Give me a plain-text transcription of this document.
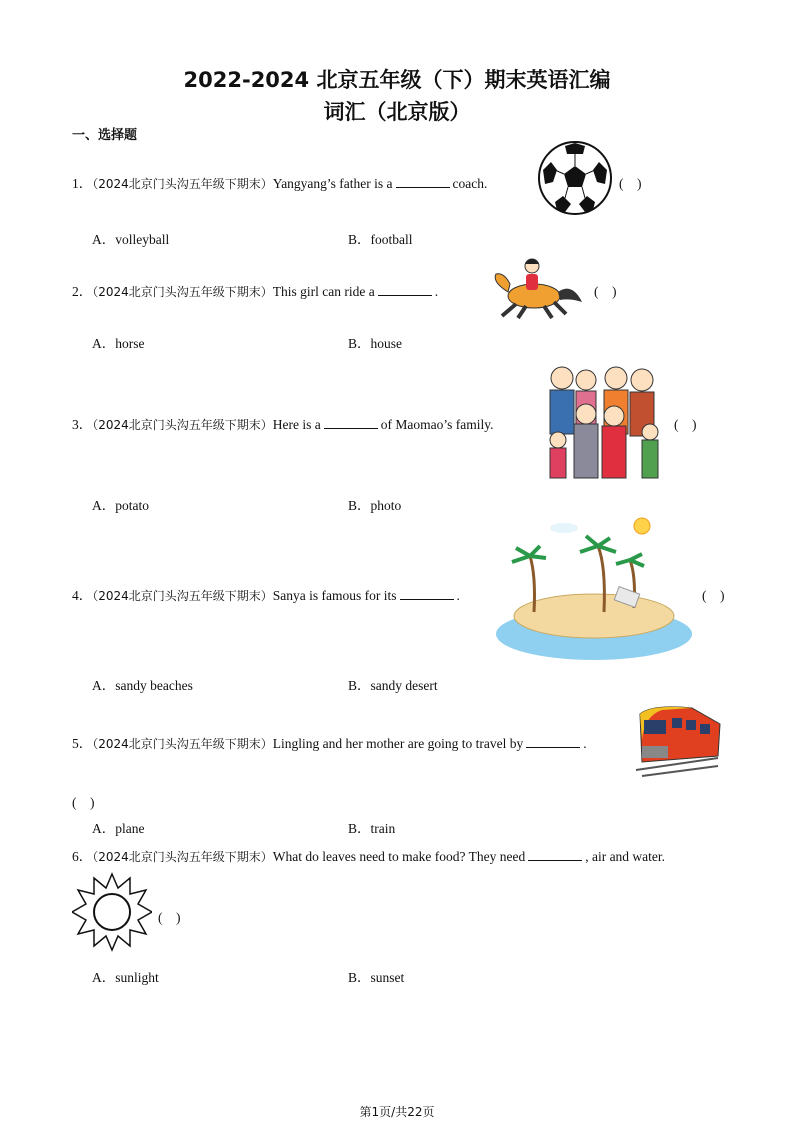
2022-2024 北京五年级（下）期末英语汇编
词汇（北京版）
一、选择题
1．（2024北京门头沟五年级下期末）Yangyang’s father is a	coach.	(　)
A．volleyball	B．football
2．（2024北京门头沟五年级下期末）This girl can ride a	.	(　)
A．horse	B．house
3．（2024北京门头沟五年级下期末）Here is a	of Maomao’s family.	(　)
A．potato	B．photo
4．（2024北京门头沟五年级下期末）Sanya is famous for its	.	(　)
A．sandy beaches	B．sandy desert
5．（2024北京门头沟五年级下期末）Lingling and her mother are going to travel by	.
(　)
A．plane	B．train
6．（2024北京门头沟五年级下期末）What do leaves need to make food? They need	, air and water.
(　)
A．sunlight	B．sunset
第1页/共22页
